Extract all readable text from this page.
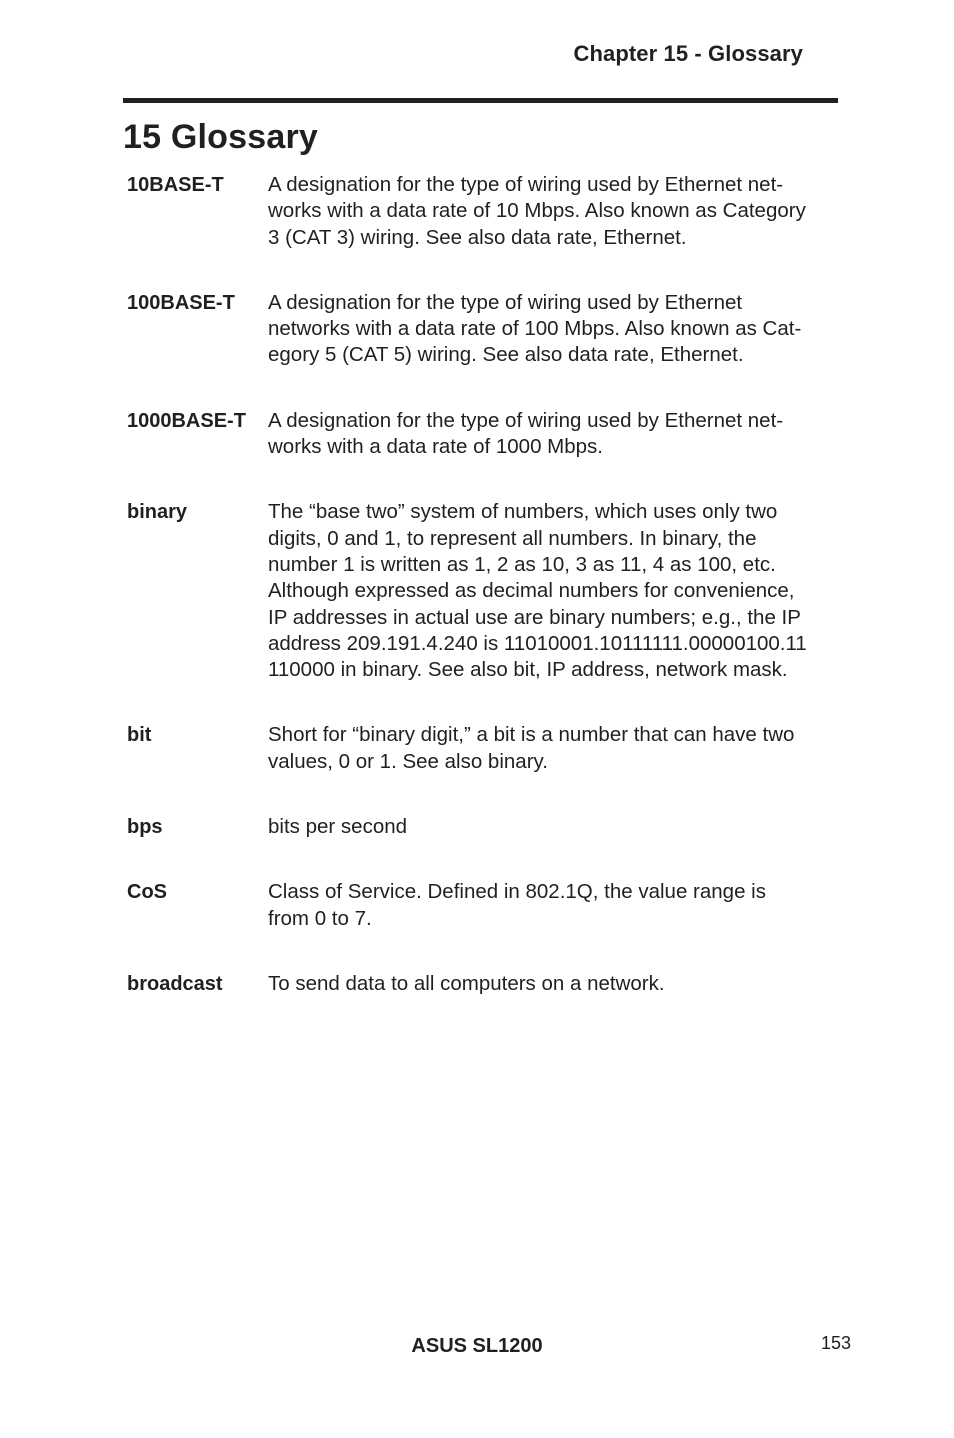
Chapter 15 - Glossary
15 Glossary
10BASE-T	A designation for the type of wiring used by Ethernet net-
works with a data rate of 10 Mbps. Also known as Category
3 (CAT 3) wiring. See also data rate, Ethernet.
100BASE-T	A designation for the type of wiring used by Ethernet
networks with a data rate of 100 Mbps. Also known as Cat-
egory 5 (CAT 5) wiring. See also data rate, Ethernet.
1000BASE-T	A designation for the type of wiring used by Ethernet net-
works with a data rate of 1000 Mbps.
binary	The “base two” system of numbers, which uses only two
digits, 0 and 1, to represent all numbers. In binary, the
number 1 is written as 1, 2 as 10, 3 as 11, 4 as 100, etc.
Although expressed as decimal numbers for convenience,
IP addresses in actual use are binary numbers; e.g., the IP
address 209.191.4.240 is 11010001.10111111.00000100.11
110000 in binary. See also bit, IP address, network mask.
bit	Short for “binary digit,” a bit is a number that can have two
values, 0 or 1. See also binary.
bps	bits per second
CoS	Class of Service. Defined in 802.1Q, the value range is
from 0 to 7.
broadcast	To send data to all computers on a network.
ASUS SL1200	153
